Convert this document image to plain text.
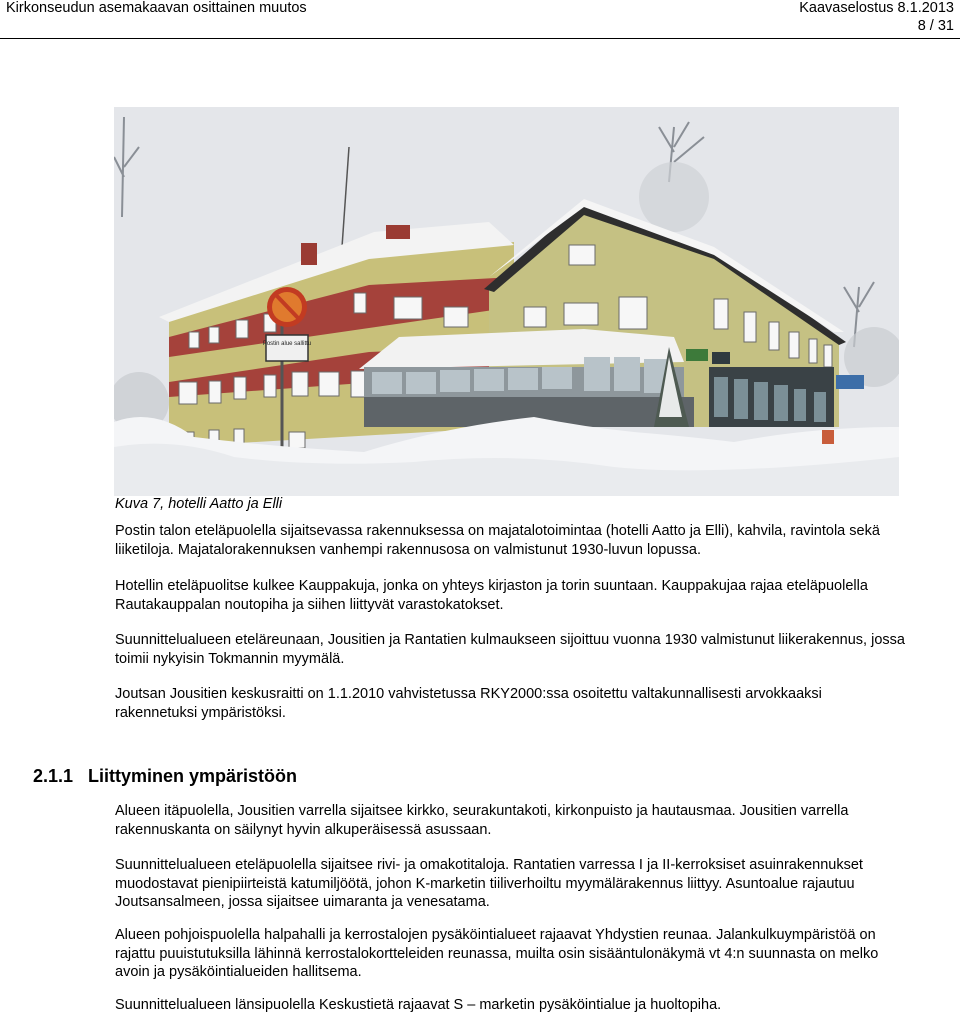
Kirkonseudun asemakaavan osittainen muutos	Kaavaselostus 8.1.2013
8 / 31
Postin alue sallittu
Kuva 7, hotelli Aatto ja Elli
Postin talon eteläpuolella sijaitsevassa rakennuksessa on majatalotoimintaa (hotelli Aatto ja Elli), kahvila, ravintola sekä liiketiloja. Majatalorakennuksen vanhempi rakennusosa on valmistunut 1930-luvun lopussa.
Hotellin eteläpuolitse kulkee Kauppakuja, jonka on yhteys kirjaston ja torin suuntaan. Kauppakujaa rajaa eteläpuolella Rautakauppalan noutopiha ja siihen liittyvät varastokatokset.
Suunnittelualueen eteläreunaan, Jousitien ja Rantatien kulmaukseen sijoittuu vuonna 1930 valmistunut liikerakennus, jossa toimii nykyisin Tokmannin myymälä.
Joutsan Jousitien keskusraitti on 1.1.2010 vahvistetussa RKY2000:ssa osoitettu valtakunnallisesti arvokkaaksi rakennetuksi ympäristöksi.
2.1.1 Liittyminen ympäristöön
Alueen itäpuolella, Jousitien varrella sijaitsee kirkko, seurakuntakoti, kirkonpuisto ja hautausmaa. Jousitien varrella rakennuskanta on säilynyt hyvin alkuperäisessä asussaan.
Suunnittelualueen eteläpuolella sijaitsee rivi- ja omakotitaloja. Rantatien varressa I ja II-kerroksiset asuinrakennukset muodostavat pienipiirteistä katumiljöötä, johon K-marketin tiiliverhoiltu myymälärakennus liittyy. Asuntoalue rajautuu Joutsansalmeen, jossa sijaitsee uimaranta ja venesatama.
Alueen pohjoispuolella halpahalli ja kerrostalojen pysäköintialueet rajaavat Yhdystien reunaa. Jalankulkuympäristöä on rajattu puuistutuksilla lähinnä kerrostalokortteleiden reunassa, muilta osin sisääntulonäkymä vt 4:n suunnasta on melko avoin ja pysäköintialueiden hallitsema.
Suunnittelualueen länsipuolella Keskustietä rajaavat S – marketin pysäköintialue ja huoltopiha.
